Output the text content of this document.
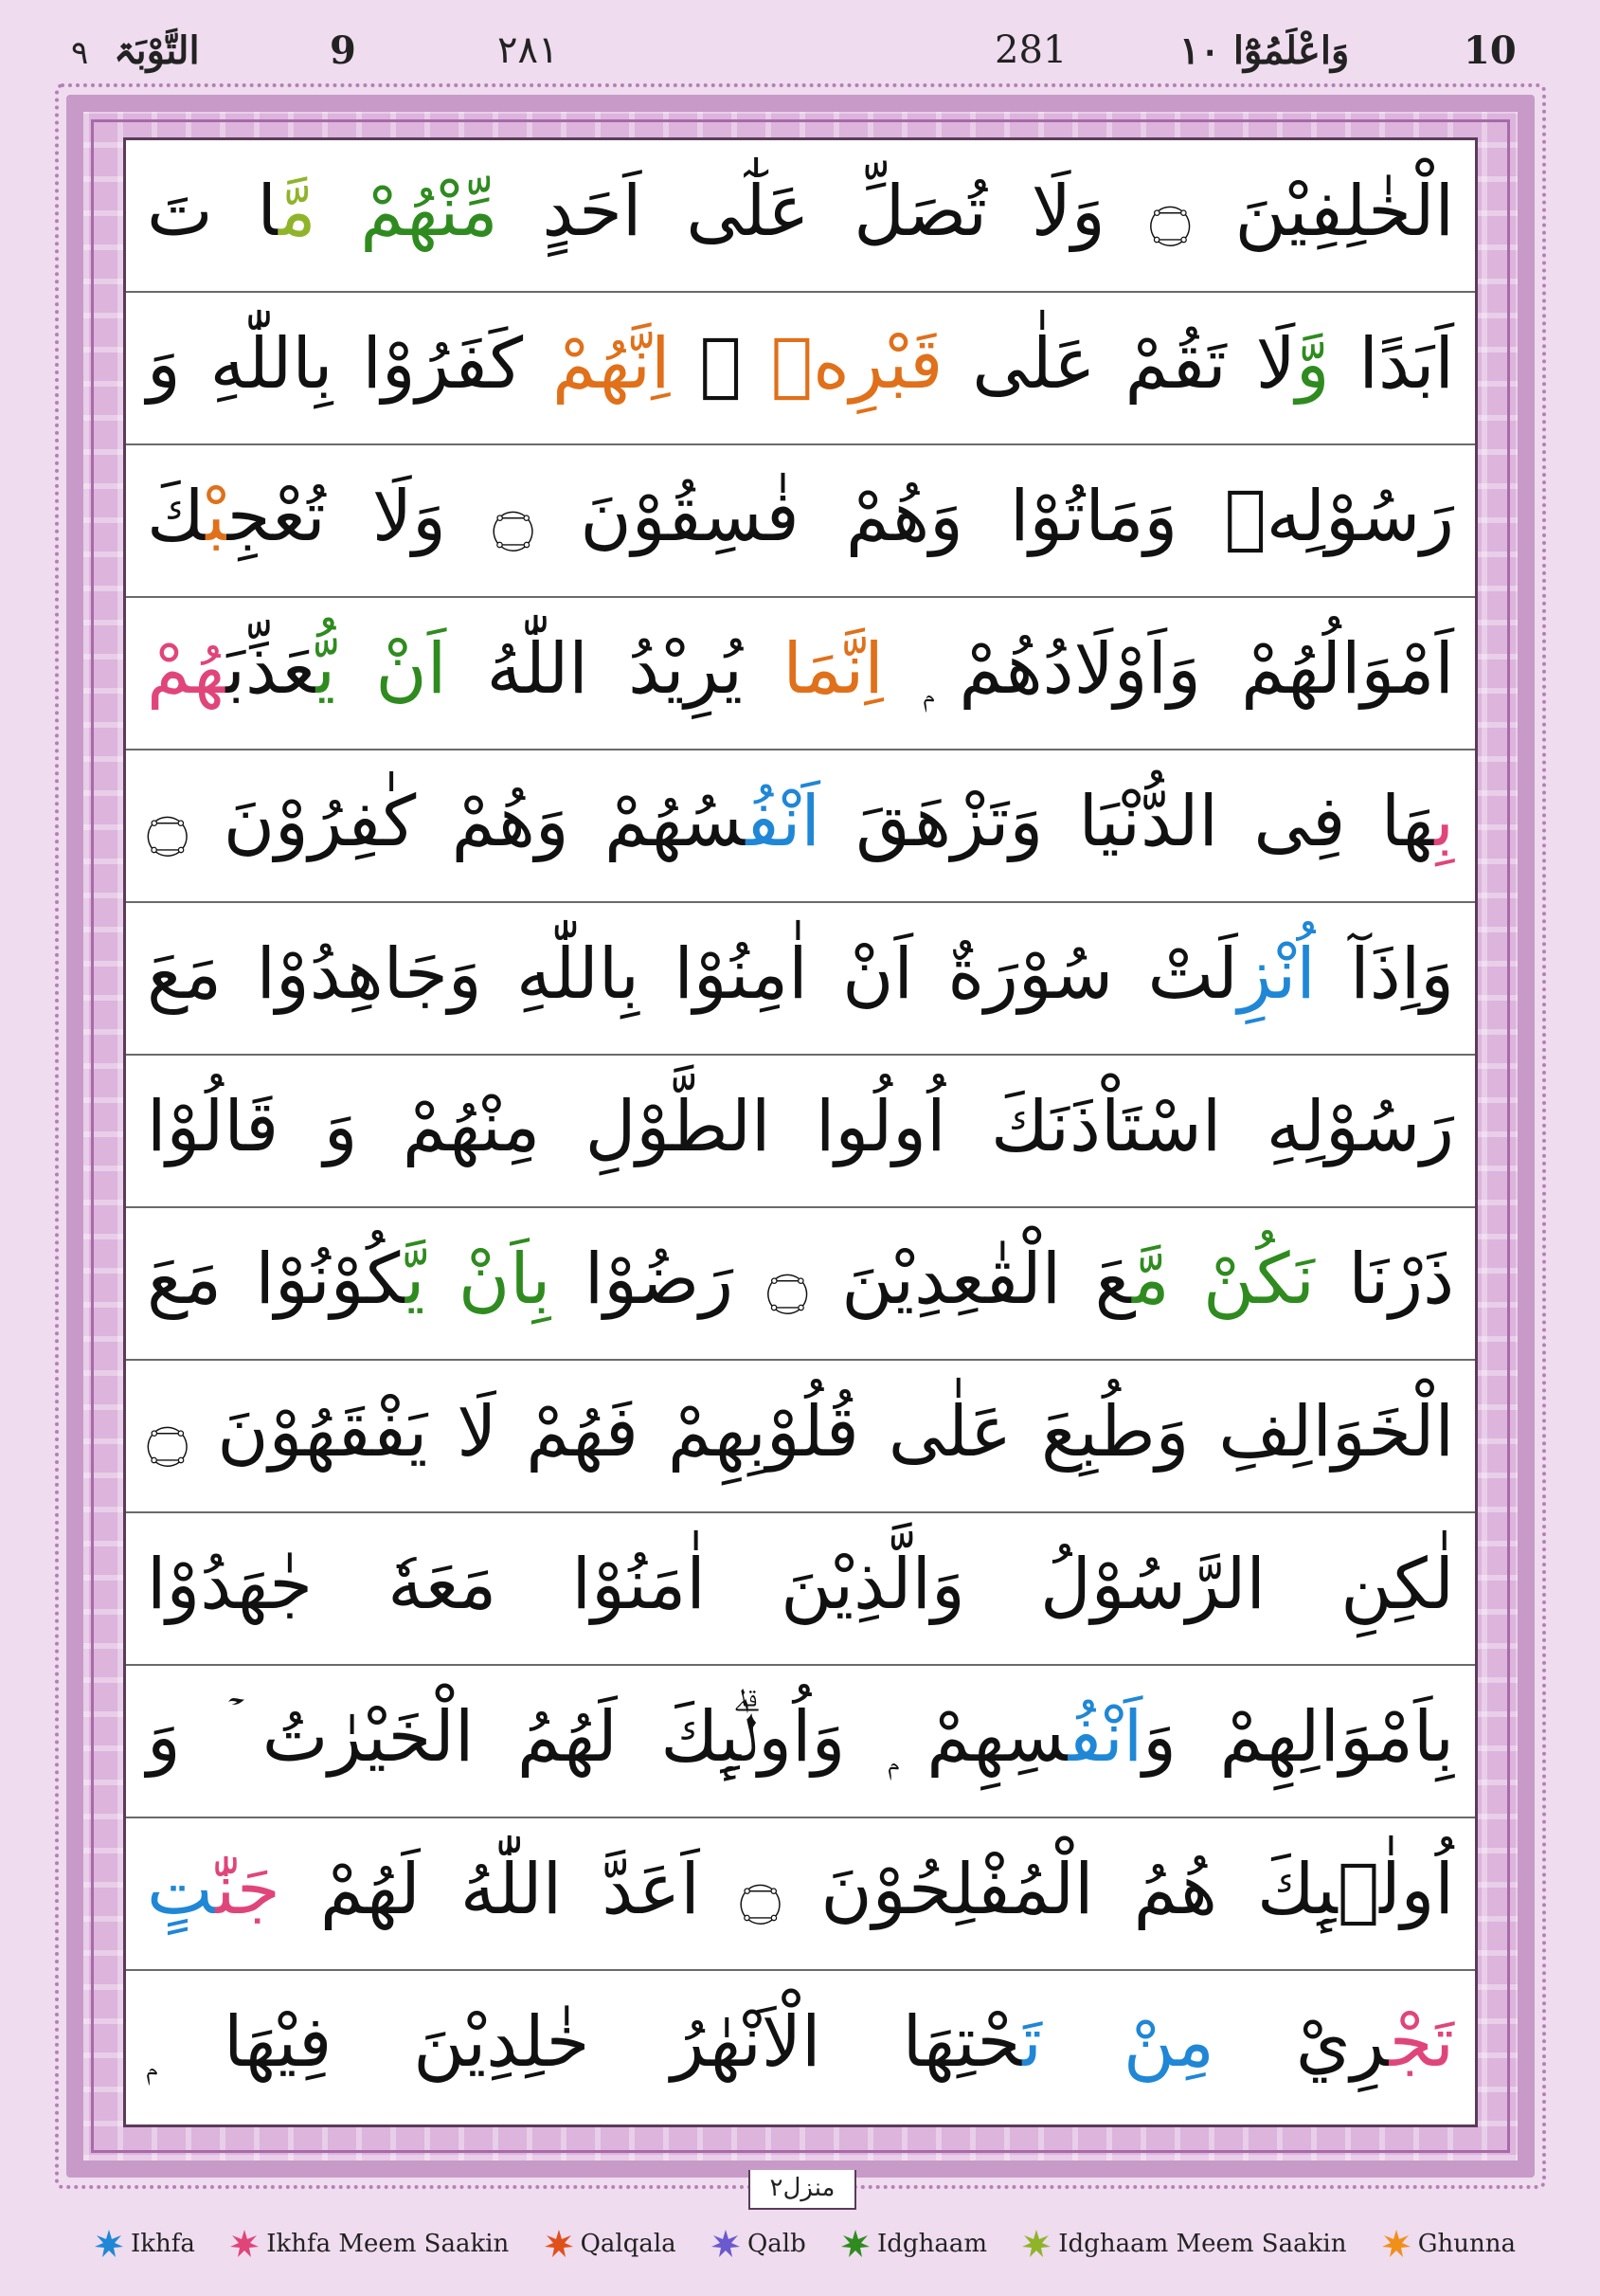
10
وَاعْلَمُوْٓا ۱۰
281
۲۸۱
9
التَّوْبَۃ
۹
الْخٰلِفِيْنَ ۝ وَلَا تُصَلِّ عَلٰٓى اَحَدٍ مِّنْهُمْ مَّا تَ
اَبَدًا وَّلَا تَقُمْ عَلٰى قَبْرِهٖ ۭ اِنَّهُمْ كَفَرُوْا بِاللّٰهِ وَ
رَسُوْلِهٖ وَمَاتُوْا وَهُمْ فٰسِقُوْنَ ۝ وَلَا تُعْجِبْكَ
اَمْوَالُهُمْ وَاَوْلَادُهُمْ ۭ اِنَّمَا يُرِيْدُ اللّٰهُ اَنْ يُّعَذِّبَهُمْ
بِهَا فِى الدُّنْيَا وَتَزْهَقَ اَنْفُسُهُمْ وَهُمْ كٰفِرُوْنَ ۝
وَاِذَآ اُنْزِلَتْ سُوْرَةٌ اَنْ اٰمِنُوْا بِاللّٰهِ وَجَاهِدُوْا مَعَ
رَسُوْلِهِ اسْتَاْذَنَكَ اُولُوا الطَّوْلِ مِنْهُمْ وَ قَالُوْا
ذَرْنَا نَكُنْ مَّعَ الْقٰعِدِيْنَ ۝ رَضُوْا بِاَنْ يَّكُوْنُوْا مَعَ
الْخَوَالِفِ وَطُبِعَ عَلٰى قُلُوْبِهِمْ فَهُمْ لَا يَفْقَهُوْنَ ۝
لٰكِنِ الرَّسُوْلُ وَالَّذِيْنَ اٰمَنُوْا مَعَهٗ جٰهَدُوْا
بِاَمْوَالِهِمْ وَاَنْفُسِهِمْ ۭ وَاُولٰۗىِٕكَ لَهُمُ الْخَيْرٰتُ ۡ وَ
اُولٰۗىِٕكَ هُمُ الْمُفْلِحُوْنَ ۝ اَعَدَّ اللّٰهُ لَهُمْ جَنّٰتٍ
تَجْرِيْ مِنْ تَحْتِهَا الْاَنْهٰرُ خٰلِدِيْنَ فِيْهَا ۭ
منزل۲
Ikhfa	Ikhfa Meem Saakin	Qalqala	Qalb	Idghaam	Idghaam Meem Saakin	Ghunna
